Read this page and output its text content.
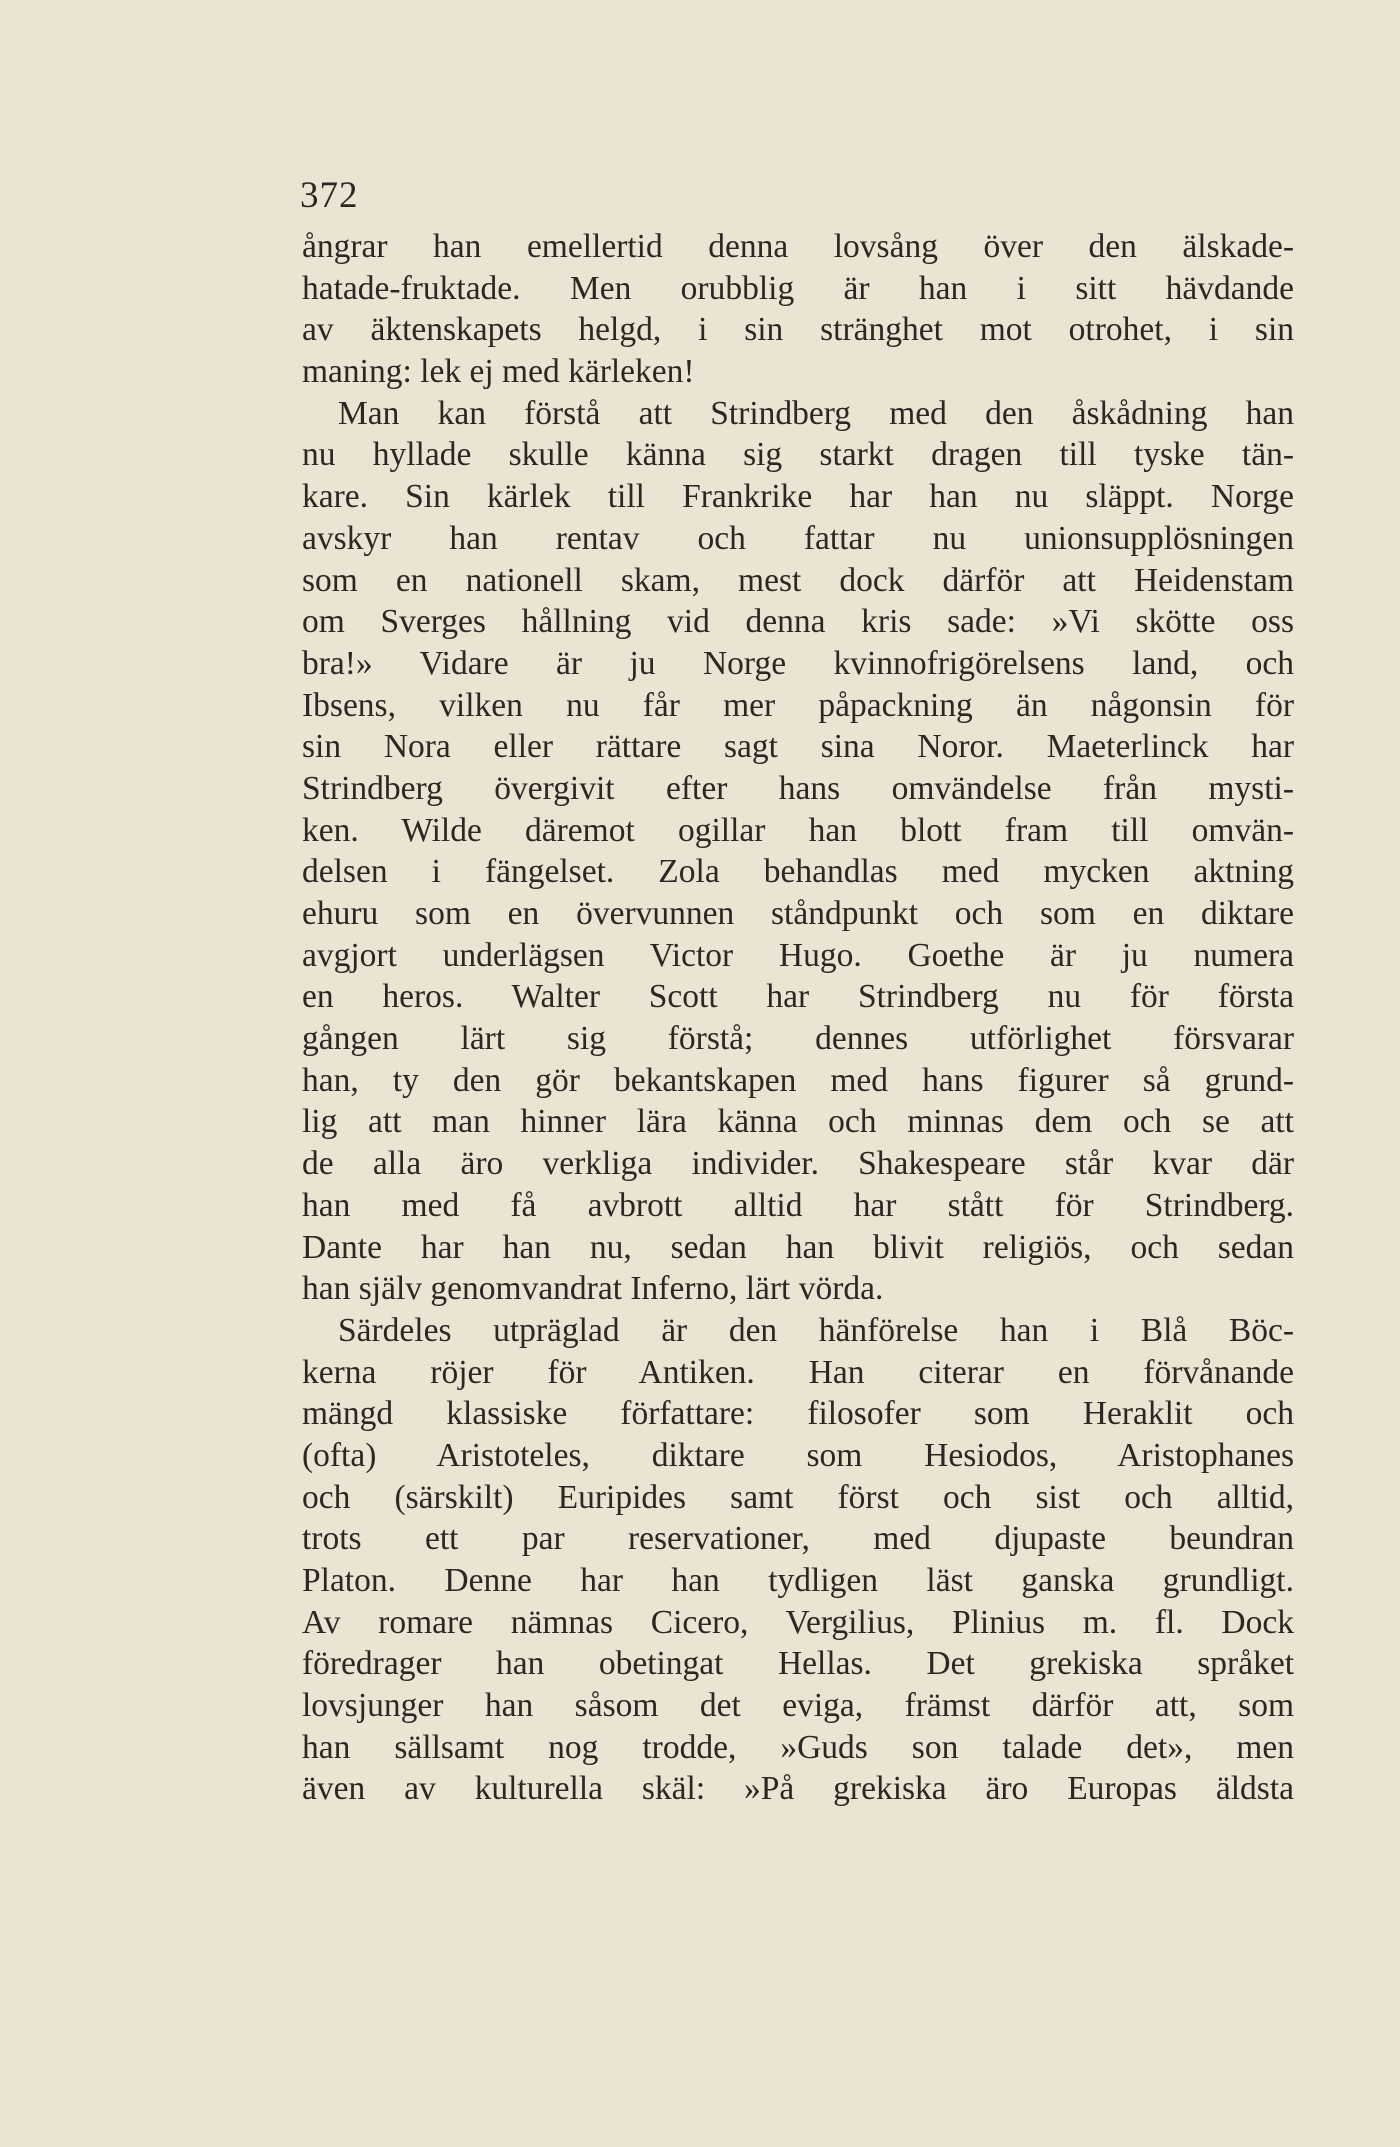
372
ångrar han emellertid denna lovsång över den älskade-
hatade-fruktade. Men orubblig är han i sitt hävdande
av äktenskapets helgd, i sin stränghet mot otrohet, i sin
maning: lek ej med kärleken!
Man kan förstå att Strindberg med den åskådning han
nu hyllade skulle känna sig starkt dragen till tyske tän-
kare. Sin kärlek till Frankrike har han nu släppt. Norge
avskyr han rentav och fattar nu unionsupplösningen
som en nationell skam, mest dock därför att Heidenstam
om Sverges hållning vid denna kris sade: »Vi skötte oss
bra!» Vidare är ju Norge kvinnofrigörelsens land, och
Ibsens, vilken nu får mer påpackning än någonsin för
sin Nora eller rättare sagt sina Noror. Maeterlinck har
Strindberg övergivit efter hans omvändelse från mysti-
ken. Wilde däremot ogillar han blott fram till omvän-
delsen i fängelset. Zola behandlas med mycken aktning
ehuru som en övervunnen ståndpunkt och som en diktare
avgjort underlägsen Victor Hugo. Goethe är ju numera
en heros. Walter Scott har Strindberg nu för första
gången lärt sig förstå; dennes utförlighet försvarar
han, ty den gör bekantskapen med hans figurer så grund-
lig att man hinner lära känna och minnas dem och se att
de alla äro verkliga individer. Shakespeare står kvar där
han med få avbrott alltid har stått för Strindberg.
Dante har han nu, sedan han blivit religiös, och sedan
han själv genomvandrat Inferno, lärt vörda.
Särdeles utpräglad är den hänförelse han i Blå Böc-
kerna röjer för Antiken. Han citerar en förvånande
mängd klassiske författare: filosofer som Heraklit och
(ofta) Aristoteles, diktare som Hesiodos, Aristophanes
och (särskilt) Euripides samt först och sist och alltid,
trots ett par reservationer, med djupaste beundran
Platon. Denne har han tydligen läst ganska grundligt.
Av romare nämnas Cicero, Vergilius, Plinius m. fl. Dock
föredrager han obetingat Hellas. Det grekiska språket
lovsjunger han såsom det eviga, främst därför att, som
han sällsamt nog trodde, »Guds son talade det», men
även av kulturella skäl: »På grekiska äro Europas äldsta
